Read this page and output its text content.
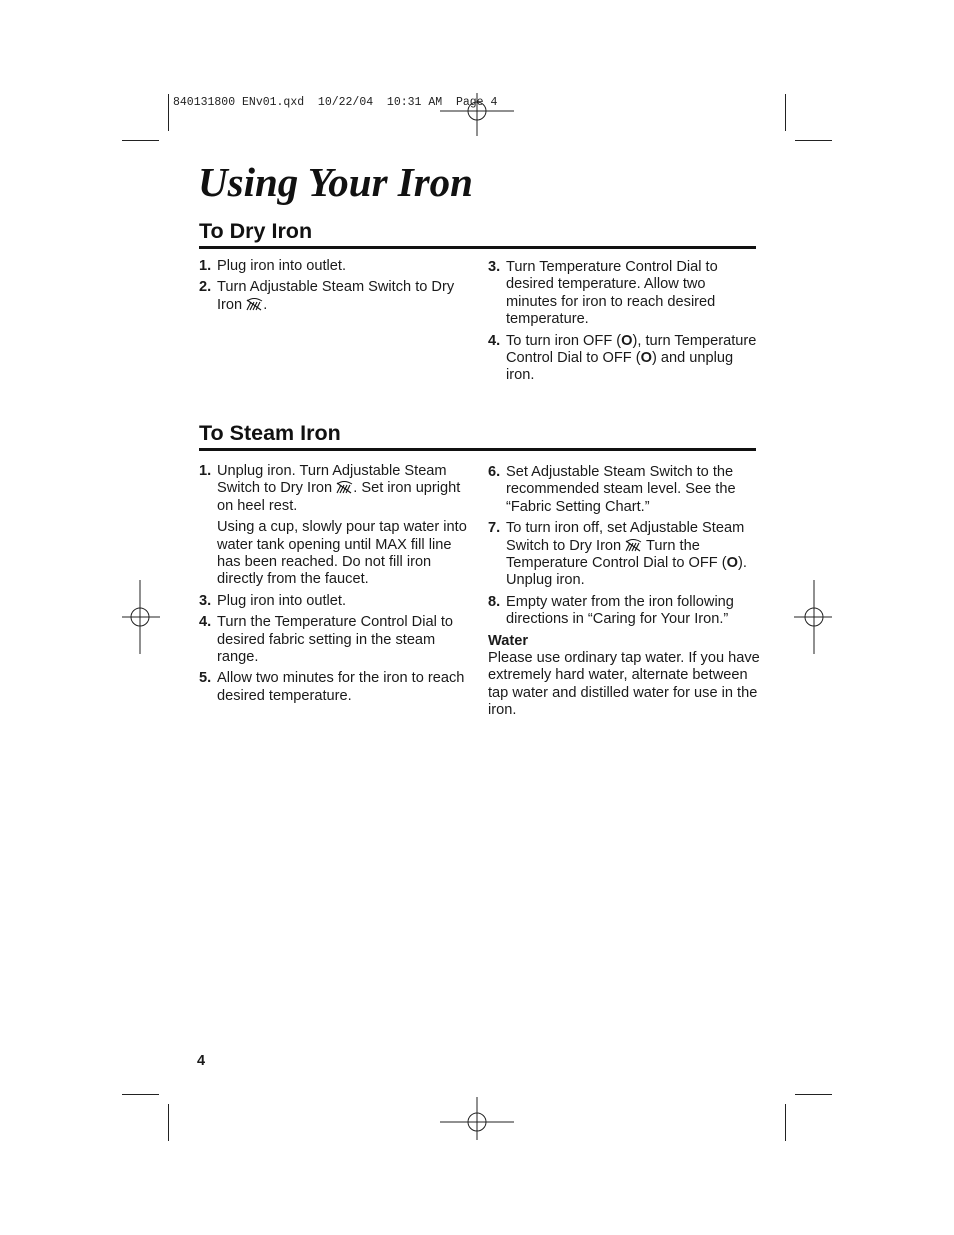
840131800 ENv01.qxd  10/22/04  10:31 AM  Page 4
Using Your Iron
To Dry Iron
1. Plug iron into outlet.
2. Turn Adjustable Steam Switch to Dry Iron .
3. Turn Temperature Control Dial to desired temperature. Allow two minutes for iron to reach desired temperature.
4. To turn iron OFF (O), turn Temperature Control Dial to OFF (O) and unplug iron.
To Steam Iron
1. Unplug iron. Turn Adjustable Steam Switch to Dry Iron . Set iron upright on heel rest.
Using a cup, slowly pour tap water into water tank opening until MAX fill line has been reached. Do not fill iron directly from the faucet.
3. Plug iron into outlet.
4. Turn the Temperature Control Dial to desired fabric setting in the steam range.
5. Allow two minutes for the iron to reach desired temperature.
6. Set Adjustable Steam Switch to the recommended steam level. See the “Fabric Setting Chart.”
7. To turn iron off, set Adjustable Steam Switch to Dry Iron  Turn the Temperature Control Dial to OFF (O). Unplug iron.
8. Empty water from the iron following directions in “Caring for Your Iron.”
Water
Please use ordinary tap water. If you have extremely hard water, alternate between tap water and distilled water for use in the iron.
4
